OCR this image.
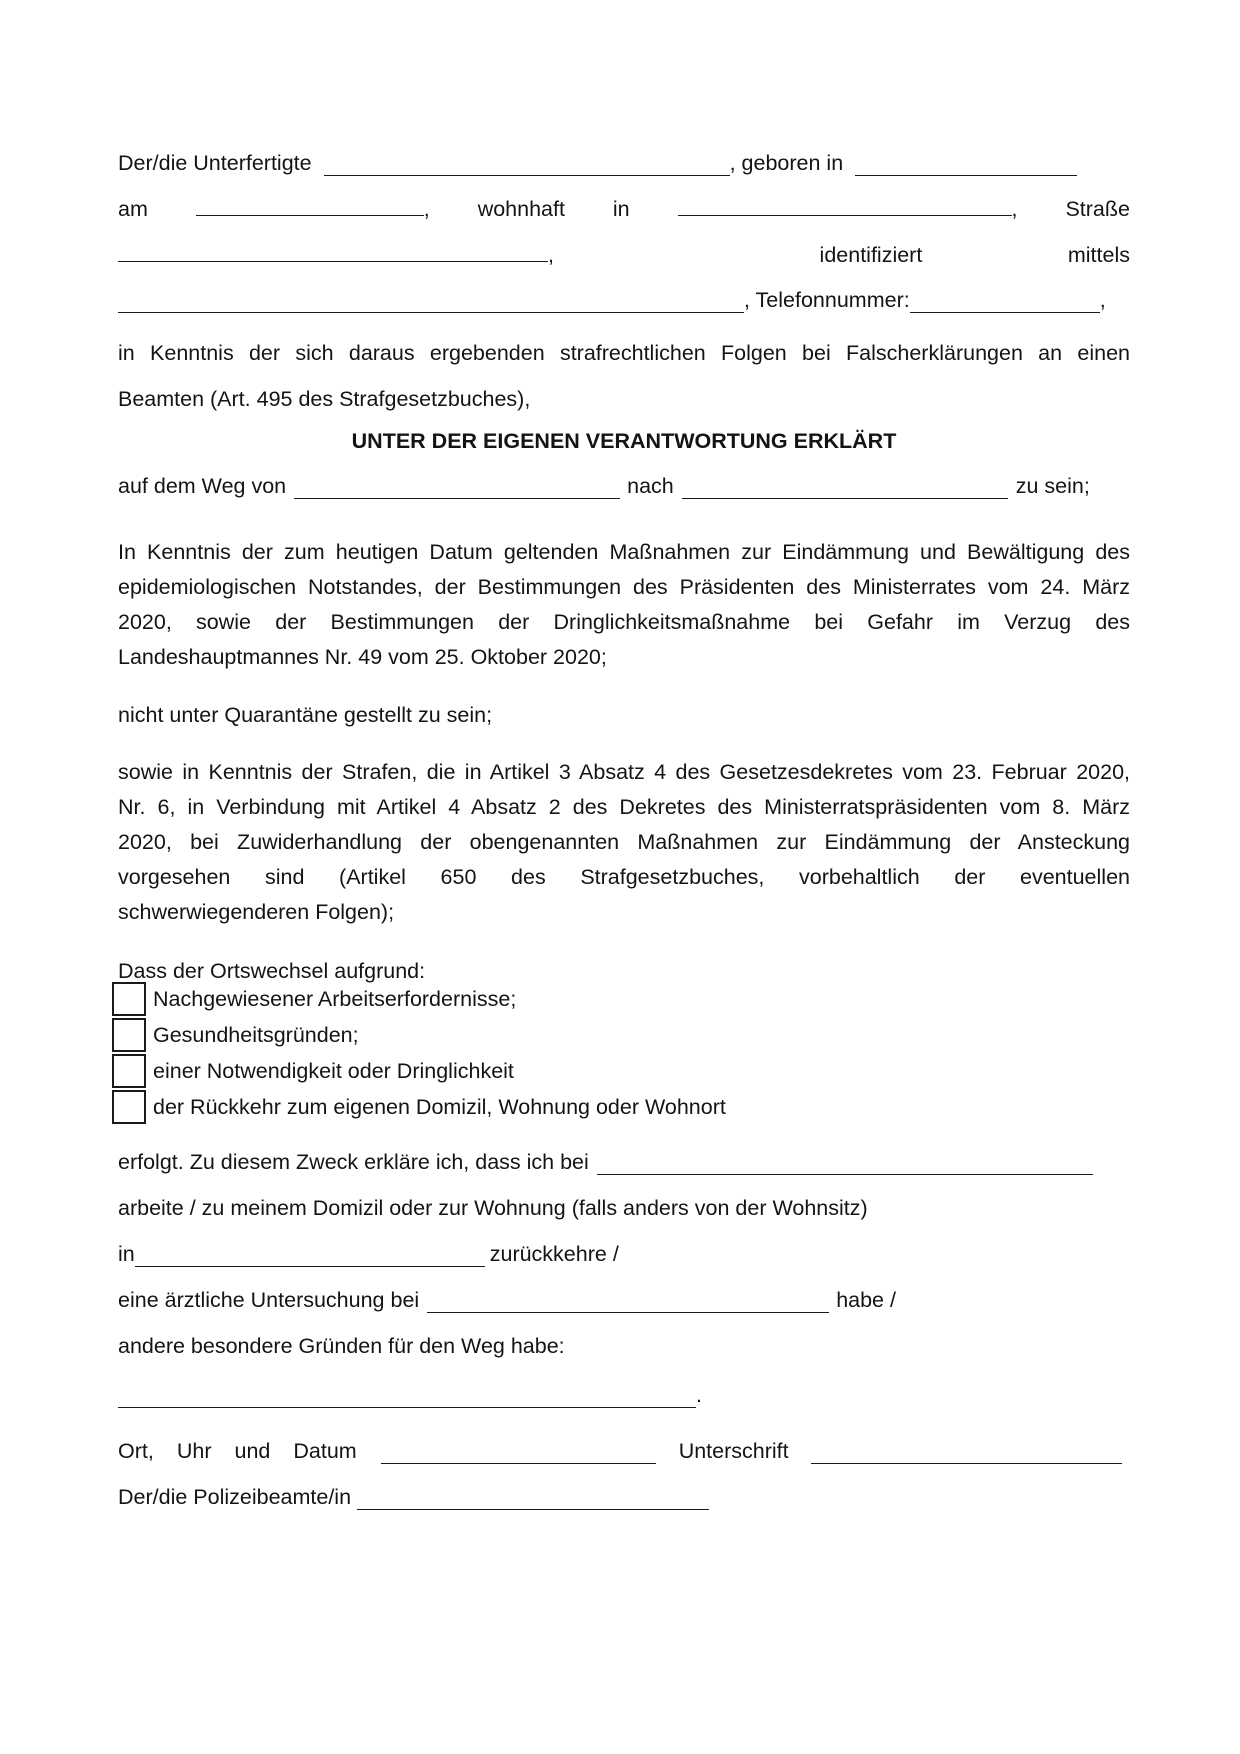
Der/die Unterfertigte	, geboren in
am	, wohnhaft in	, Straße
,	identifiziert	mittels
, Telefonnummer:	,
in Kenntnis der sich daraus ergebenden strafrechtlichen Folgen bei Falscherklärungen an einen
Beamten (Art. 495 des Strafgesetzbuches),
UNTER DER EIGENEN VERANTWORTUNG ERKLÄRT
auf dem Weg von	nach	zu sein;
In Kenntnis der zum heutigen Datum geltenden Maßnahmen zur Eindämmung und Bewältigung des
epidemiologischen Notstandes, der Bestimmungen des Präsidenten des Ministerrates vom 24. März
2020, sowie der Bestimmungen der Dringlichkeitsmaßnahme bei Gefahr im Verzug des
Landeshauptmannes Nr. 49 vom 25. Oktober 2020;
nicht unter Quarantäne gestellt zu sein;
sowie in Kenntnis der Strafen, die in Artikel 3 Absatz 4 des Gesetzesdekretes vom 23. Februar 2020,
Nr. 6, in Verbindung mit Artikel 4 Absatz 2 des Dekretes des Ministerratspräsidenten vom 8. März
2020, bei Zuwiderhandlung der obengenannten Maßnahmen zur Eindämmung der Ansteckung
vorgesehen sind (Artikel 650 des Strafgesetzbuches, vorbehaltlich der eventuellen
schwerwiegenderen Folgen);
Dass der Ortswechsel aufgrund:
Nachgewiesener Arbeitserfordernisse;
Gesundheitsgründen;
einer Notwendigkeit oder Dringlichkeit
der Rückkehr zum eigenen Domizil, Wohnung oder Wohnort
erfolgt. Zu diesem Zweck erkläre ich, dass ich bei
arbeite / zu meinem Domizil oder zur Wohnung (falls anders von der Wohnsitz)
in	zurückkehre /
eine ärztliche Untersuchung bei	habe /
andere besondere Gründen für den Weg habe:
.
Ort, Uhr und Datum	Unterschrift
Der/die Polizeibeamte/in
